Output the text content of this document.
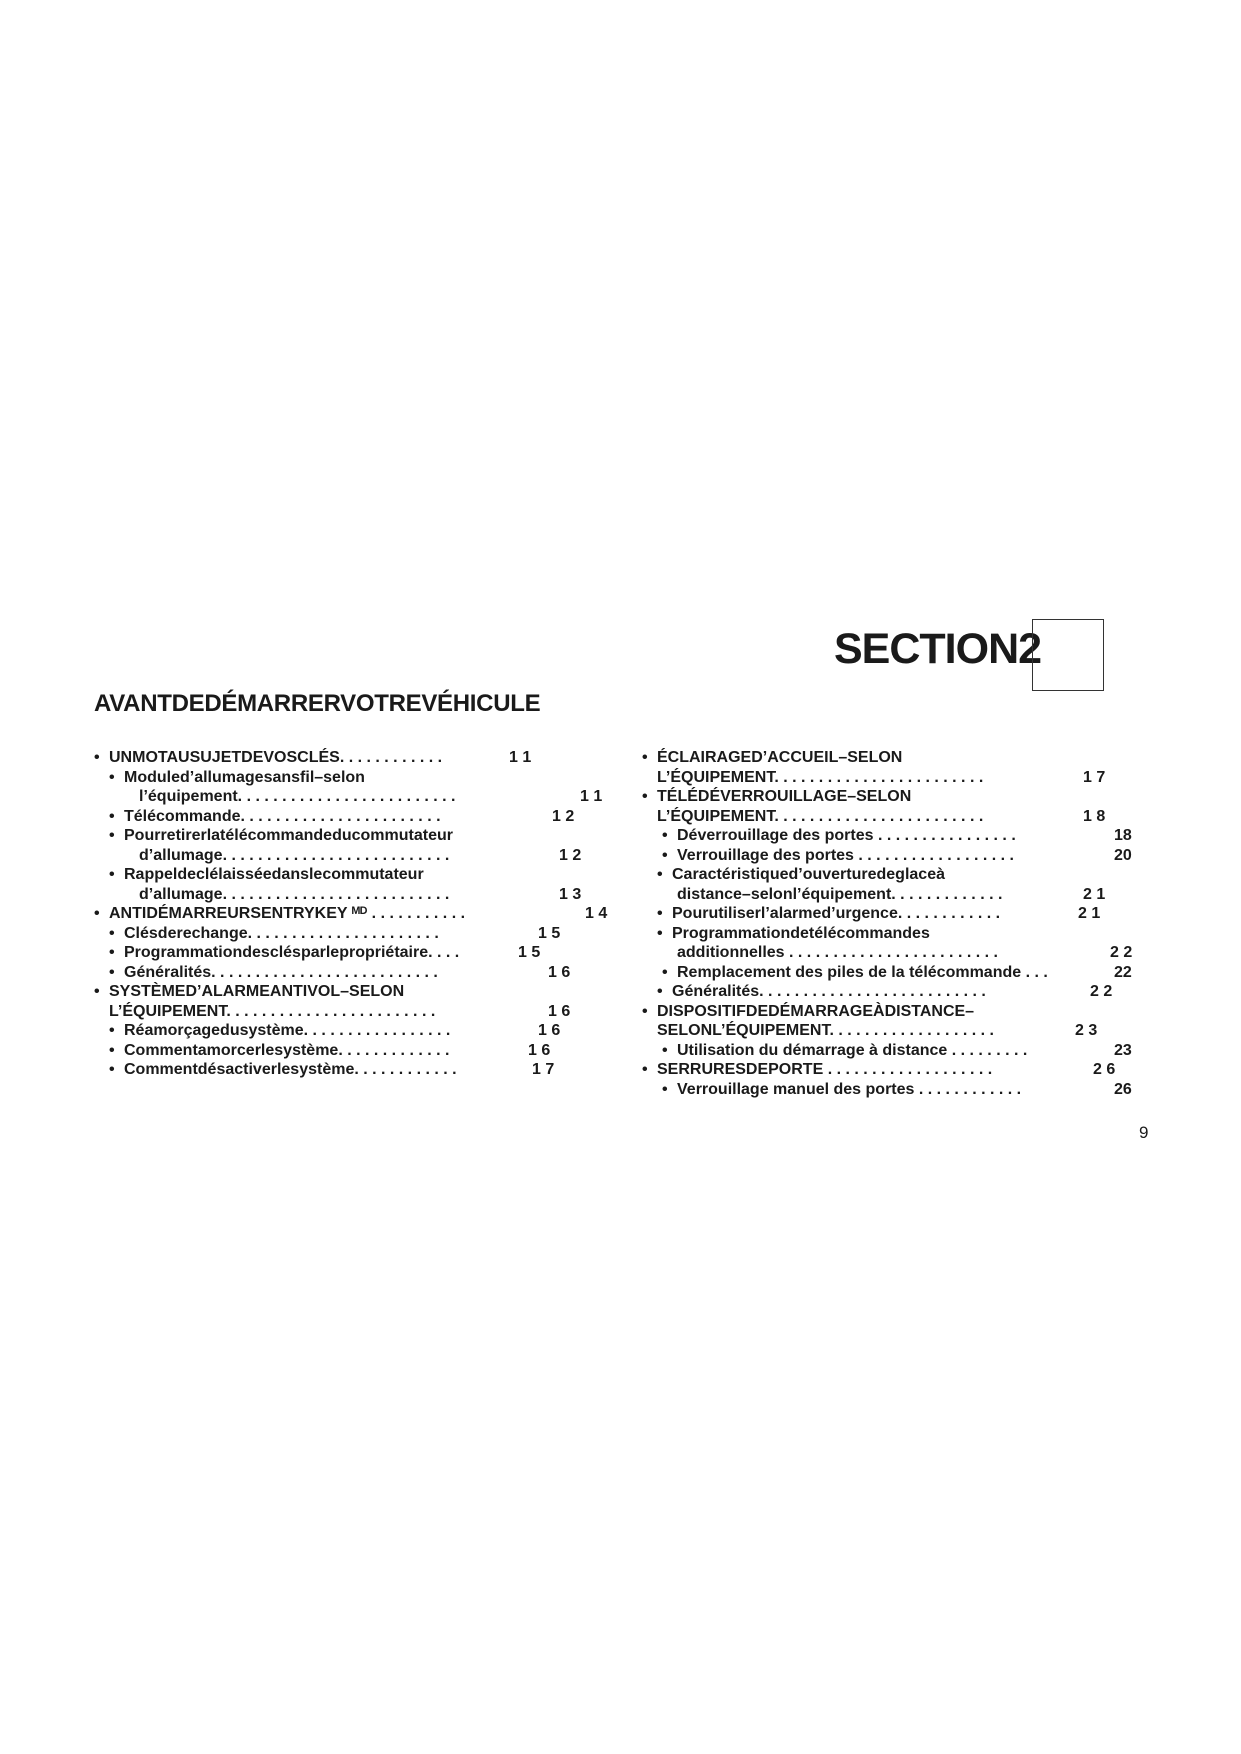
SECTION2
AVANTDEDÉMARRERVOTREVÉHICULE
• UNMOTAUSUJETDEVOSCLÉS. . . . . . . . . . . .	1 1
• Moduled’allumagesansfil–selon
l’équipement. . . . . . . . . . . . . . . . . . . . . . . . .	1 1
• Télécommande. . . . . . . . . . . . . . . . . . . . . . .	1 2
• Pourretirerlatélécommandeducommutateur
d’allumage. . . . . . . . . . . . . . . . . . . . . . . . . .	1 2
• Rappeldeclélaisséedanslecommutateur
d’allumage. . . . . . . . . . . . . . . . . . . . . . . . . .	1 3
• ANTIDÉMARREURSENTRYKEY ᴹᴰ . . . . . . . . . . .	1 4
• Clésderechange. . . . . . . . . . . . . . . . . . . . . .	1 5
• Programmationdesclésparlepropriétaire. . . .	1 5
• Généralités. . . . . . . . . . . . . . . . . . . . . . . . . .	1 6
• SYSTÈMED’ALARMEANTIVOL–SELON
L’ÉQUIPEMENT. . . . . . . . . . . . . . . . . . . . . . . .	1 6
• Réamorçagedusystème. . . . . . . . . . . . . . . . .	1 6
• Commentamorcerlesystème. . . . . . . . . . . . .	1 6
• Commentdésactiverlesystème. . . . . . . . . . . .	1 7
• ÉCLAIRAGED’ACCUEIL–SELON
L’ÉQUIPEMENT. . . . . . . . . . . . . . . . . . . . . . . .	1 7
• TÉLÉDÉVERROUILLAGE–SELON
L’ÉQUIPEMENT. . . . . . . . . . . . . . . . . . . . . . . .	1 8
• Déverrouillage des portes . . . . . . . . . . . . . . . .	18
• Verrouillage des portes . . . . . . . . . . . . . . . . . .	20
• Caractéristiqued’ouverturedeglaceà
distance–selonl’équipement. . . . . . . . . . . . .	2 1
• Pourutiliserl’alarmed’urgence. . . . . . . . . . . .	2 1
• Programmationdetélécommandes
additionnelles . . . . . . . . . . . . . . . . . . . . . . . .	2 2
• Remplacement des piles de la télécommande . . .	22
• Généralités. . . . . . . . . . . . . . . . . . . . . . . . . .	2 2
• DISPOSITIFDEDÉMARRAGEÀDISTANCE–
SELONL’ÉQUIPEMENT. . . . . . . . . . . . . . . . . . .	2 3
• Utilisation du démarrage à distance . . . . . . . . .	23
• SERRURESDEPORTE . . . . . . . . . . . . . . . . . . .	2 6
• Verrouillage manuel des portes . . . . . . . . . . . .	26
9
